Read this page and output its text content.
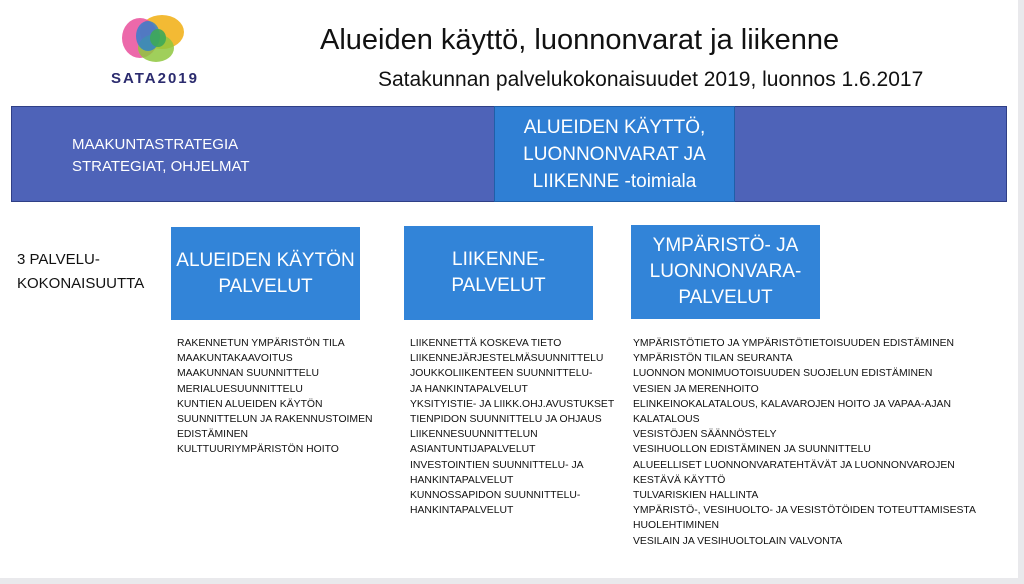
SATA2019
Alueiden käyttö, luonnonvarat ja liikenne
Satakunnan palvelukokonaisuudet 2019, luonnos 1.6.2017
MAAKUNTASTRATEGIA
STRATEGIAT, OHJELMAT
ALUEIDEN KÄYTTÖ,
LUONNONVARAT JA
LIIKENNE -toimiala
3 PALVELU-
KOKONAISUUTTA
ALUEIDEN KÄYTÖN
PALVELUT
LIIKENNE-
PALVELUT
YMPÄRISTÖ- JA
LUONNONVARA-
PALVELUT
RAKENNETUN YMPÄRISTÖN TILA
MAAKUNTAKAAVOITUS
MAAKUNNAN SUUNNITTELU
MERIALUESUUNNITTELU
KUNTIEN ALUEIDEN KÄYTÖN
SUUNNITTELUN JA RAKENNUSTOIMEN
EDISTÄMINEN
KULTTUURIYMPÄRISTÖN HOITO
LIIKENNETTÄ KOSKEVA TIETO
LIIKENNEJÄRJESTELMÄSUUNNITTELU
JOUKKOLIIKENTEEN SUUNNITTELU-
JA HANKINTAPALVELUT
YKSITYISTIE- JA LIIKK.OHJ.AVUSTUKSET
TIENPIDON SUUNNITTELU JA OHJAUS
LIIKENNESUUNNITTELUN
ASIANTUNTIJAPALVELUT
INVESTOINTIEN SUUNNITTELU- JA
HANKINTAPALVELUT
KUNNOSSAPIDON SUUNNITTELU-
HANKINTAPALVELUT
YMPÄRISTÖTIETO JA YMPÄRISTÖTIETOISUUDEN EDISTÄMINEN
YMPÄRISTÖN TILAN SEURANTA
LUONNON MONIMUOTOISUUDEN SUOJELUN EDISTÄMINEN
VESIEN JA MERENHOITO
ELINKEINOKALATALOUS, KALAVAROJEN HOITO JA VAPAA-AJAN
KALATALOUS
VESISTÖJEN SÄÄNNÖSTELY
VESIHUOLLON EDISTÄMINEN JA SUUNNITTELU
ALUEELLISET LUONNONVARATEHTÄVÄT JA LUONNONVAROJEN
KESTÄVÄ KÄYTTÖ
TULVARISKIEN HALLINTA
YMPÄRISTÖ-, VESIHUOLTO- JA VESISTÖTÖIDEN TOTEUTTAMISESTA
HUOLEHTIMINEN
VESILAIN JA VESIHUOLTOLAIN VALVONTA
